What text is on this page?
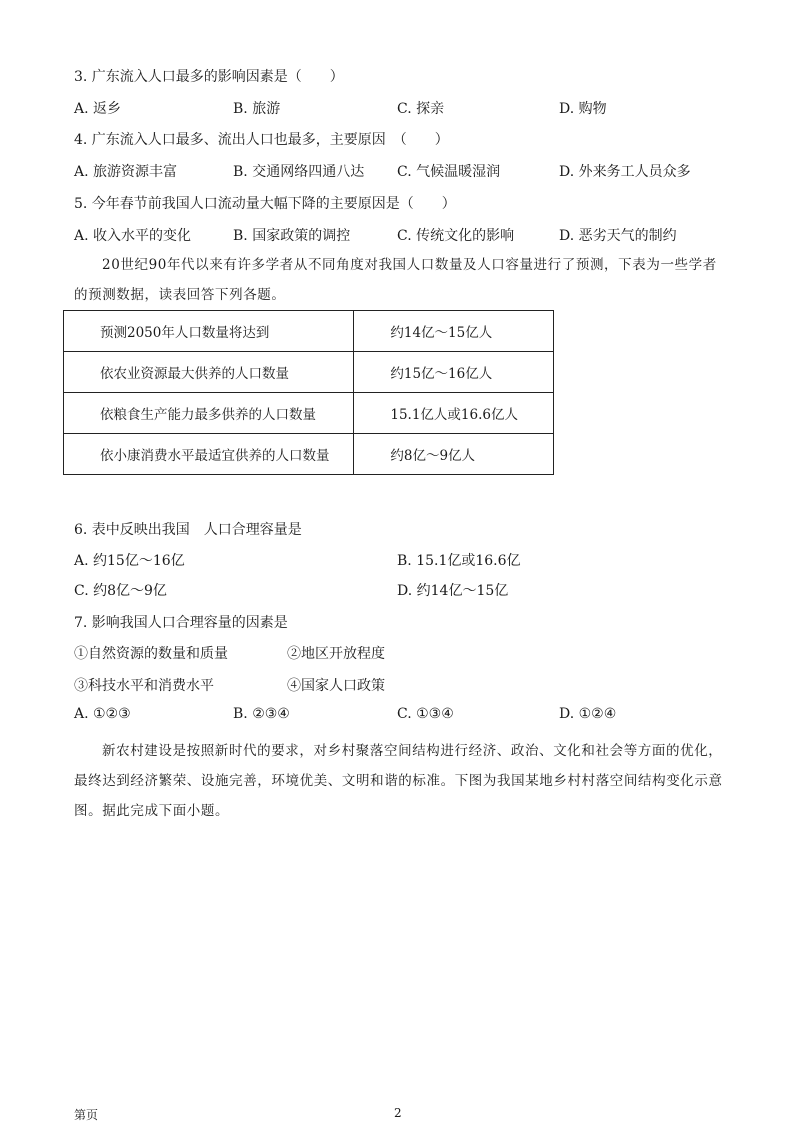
3. 广东流入人口最多的影响因素是（　　）
A. 返乡	B. 旅游	C. 探亲	D. 购物
4. 广东流入人口最多、流出人口也最多，主要原因　（　　）
A. 旅游资源丰富	B. 交通网络四通八达 C. 气候温暖湿润	D. 外来务工人员众多
5. 今年春节前我国人口流动量大幅下降的主要原因是（　　）
A. 收入水平的变化	B. 国家政策的调控	C. 传统文化的影响	D. 恶劣天气的制约
20世纪90年代以来有许多学者从不同角度对我国人口数量及人口容量进行了预测，下表为一些学者的预测数据，读表回答下列各题。
预测2050年人口数量将达到	约14亿～15亿人
依农业资源最大供养的人口数量	约15亿～16亿人
依粮食生产能力最多供养的人口数量	15.1亿人或16.6亿人
依小康消费水平最适宜供养的人口数量	约8亿～9亿人
6. 表中反映出我国　人口合理容量是
A. 约15亿～16亿	B. 15.1亿或16.6亿
C. 约8亿～9亿	D. 约14亿～15亿
7. 影响我国人口合理容量的因素是
①自然资源的数量和质量	②地区开放程度
③科技水平和消费水平	④国家人口政策
A. ①②③	B. ②③④	C. ①③④	D. ①②④
新农村建设是按照新时代的要求，对乡村聚落空间结构进行经济、政治、文化和社会等方面的优化，最终达到经济繁荣、设施完善，环境优美、文明和谐的标准。下图为我国某地乡村村落空间结构变化示意图。据此完成下面小题。
第页	2
